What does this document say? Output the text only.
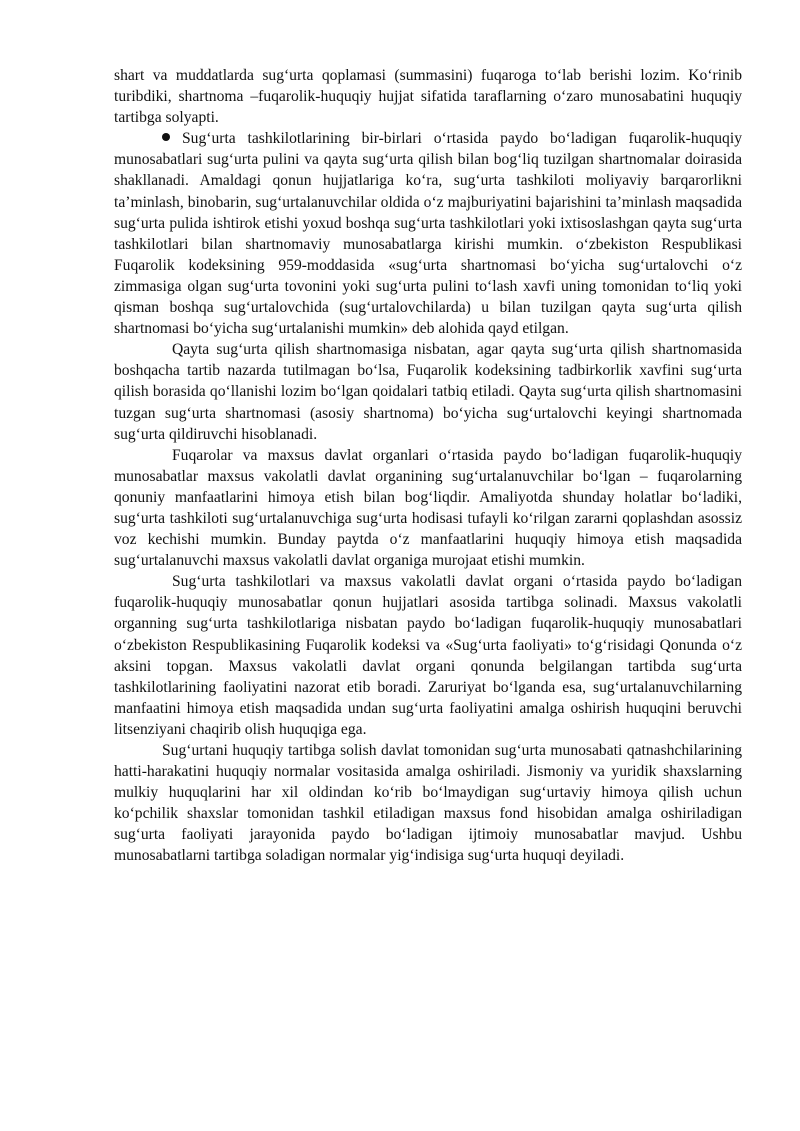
shart va muddatlarda sug‘urta qoplamasi (summasini) fuqaroga to‘lab berishi lozim. Ko‘rinib turibdiki, shartnoma –fuqarolik-huquqiy hujjat sifatida taraflarning o‘zaro munosabatini huquqiy tartibga solyapti.

Sug‘urta tashkilotlarining bir-birlari o‘rtasida paydo bo‘ladigan fuqarolik-huquqiy munosabatlari sug‘urta pulini va qayta sug‘urta qilish bilan bog‘liq tuzilgan shartnomalar doirasida shakllanadi. Amaldagi qonun hujjatlariga ko‘ra, sug‘urta tashkiloti moliyaviy barqarorlikni ta’minlash, binobarin, sug‘urtalanuvchilar oldida o‘z majburiyatini bajarishini ta’minlash maqsadida sug‘urta pulida ishtirok etishi yoxud boshqa sug‘urta tashkilotlari yoki ixtisoslashgan qayta sug‘urta tashkilotlari bilan shartnomaviy munosabatlarga kirishi mumkin. o‘zbekiston Respublikasi Fuqarolik kodeksining 959-moddasida «sug‘urta shartnomasi bo‘yicha sug‘urtalovchi o‘z zimmasiga olgan sug‘urta tovonini yoki sug‘urta pulini to‘lash xavfi uning tomonidan to‘liq yoki qisman boshqa sug‘urtalovchida (sug‘urtalovchilarda) u bilan tuzilgan qayta sug‘urta qilish shartnomasi bo‘yicha sug‘urtalanishi mumkin» deb alohida qayd etilgan.

Qayta sug‘urta qilish shartnomasiga nisbatan, agar qayta sug‘urta qilish shartnomasida boshqacha tartib nazarda tutilmagan bo‘lsa, Fuqarolik kodeksining tadbirkorlik xavfini sug‘urta qilish borasida qo‘llanishi lozim bo‘lgan qoidalari tatbiq etiladi. Qayta sug‘urta qilish shartnomasini tuzgan sug‘urta shartnomasi (asosiy shartnoma) bo‘yicha sug‘urtalovchi keyingi shartnomada sug‘urta qildiruvchi hisoblanadi.

Fuqarolar va maxsus davlat organlari o‘rtasida paydo bo‘ladigan fuqarolik-huquqiy munosabatlar maxsus vakolatli davlat organining sug‘urtalanuvchilar bo‘lgan – fuqarolarning qonuniy manfaatlarini himoya etish bilan bog‘liqdir. Amaliyotda shunday holatlar bo‘ladiki, sug‘urta tashkiloti sug‘urtalanuvchiga sug‘urta hodisasi tufayli ko‘rilgan zararni qoplashdan asossiz voz kechishi mumkin. Bunday paytda o‘z manfaatlarini huquqiy himoya etish maqsadida sug‘urtalanuvchi maxsus vakolatli davlat organiga murojaat etishi mumkin.

Sug‘urta tashkilotlari va maxsus vakolatli davlat organi o‘rtasida paydo bo‘ladigan fuqarolik-huquqiy munosabatlar qonun hujjatlari asosida tartibga solinadi. Maxsus vakolatli organning sug‘urta tashkilotlariga nisbatan paydo bo‘ladigan fuqarolik-huquqiy munosabatlari o‘zbekiston Respublikasining Fuqarolik kodeksi va «Sug‘urta faoliyati» to‘g‘risidagi Qonunda o‘z aksini topgan. Maxsus vakolatli davlat organi qonunda belgilangan tartibda sug‘urta tashkilotlarining faoliyatini nazorat etib boradi. Zaruriyat bo‘lganda esa, sug‘urtalanuvchilarning manfaatini himoya etish maqsadida undan sug‘urta faoliyatini amalga oshirish huquqini beruvchi litsenziyani chaqirib olish huquqiga ega.

Sug‘urtani huquqiy tartibga solish davlat tomonidan sug‘urta munosabati qatnashchilarining hatti-harakatini huquqiy normalar vositasida amalga oshiriladi. Jismoniy va yuridik shaxslarning mulkiy huquqlarini har xil oldindan ko‘rib bo‘lmaydigan sug‘urtaviy himoya qilish uchun ko‘pchilik shaxslar tomonidan tashkil etiladigan maxsus fond hisobidan amalga oshiriladigan sug‘urta faoliyati jarayonida paydo bo‘ladigan ijtimoiy munosabatlar mavjud. Ushbu munosabatlarni tartibga soladigan normalar yig‘indisiga sug‘urta huquqi deyiladi.
